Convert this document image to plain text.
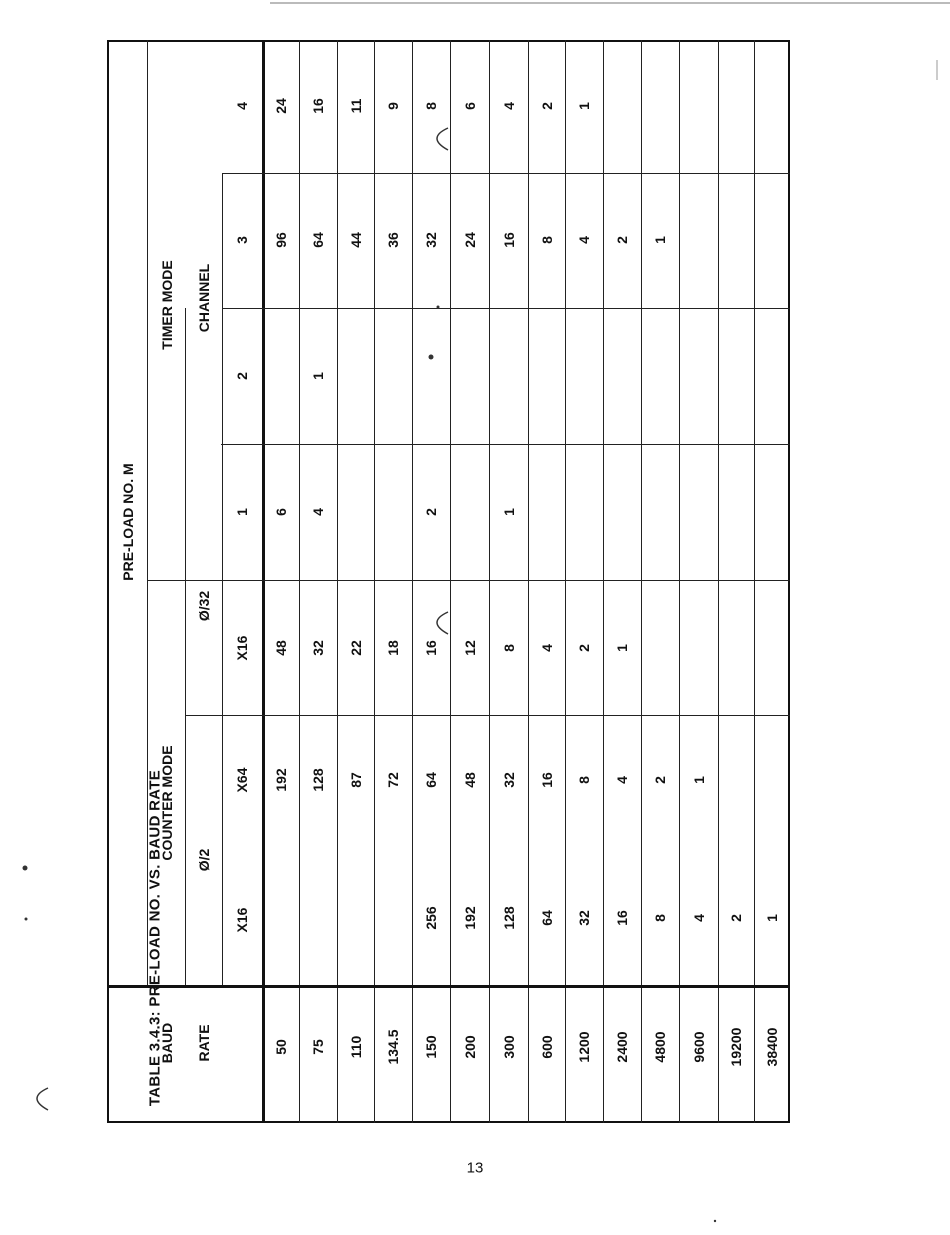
PRE-LOAD NO. M
COUNTER MODE
TIMER MODE CHANNEL
Ø/2
Ø/32
BAUD RATE
X16
X64
X16
1
2
3
4
50
192
48
6
96
24
75
128
32
4
1
64
16
110
87
22
44
11
134.5
72
18
36
9
150
256
64
16
2
32
8
200
192
48
12
24
6
300
128
32
8
1
16
4
600
64
16
4
8
2
1200
32
8
2
4
1
2400
16
4
1
2
4800
8
2
1
9600
4
1
19200
2
38400
1
TABLE 3.4.3: PRE-LOAD NO. VS. BAUD RATE
13
